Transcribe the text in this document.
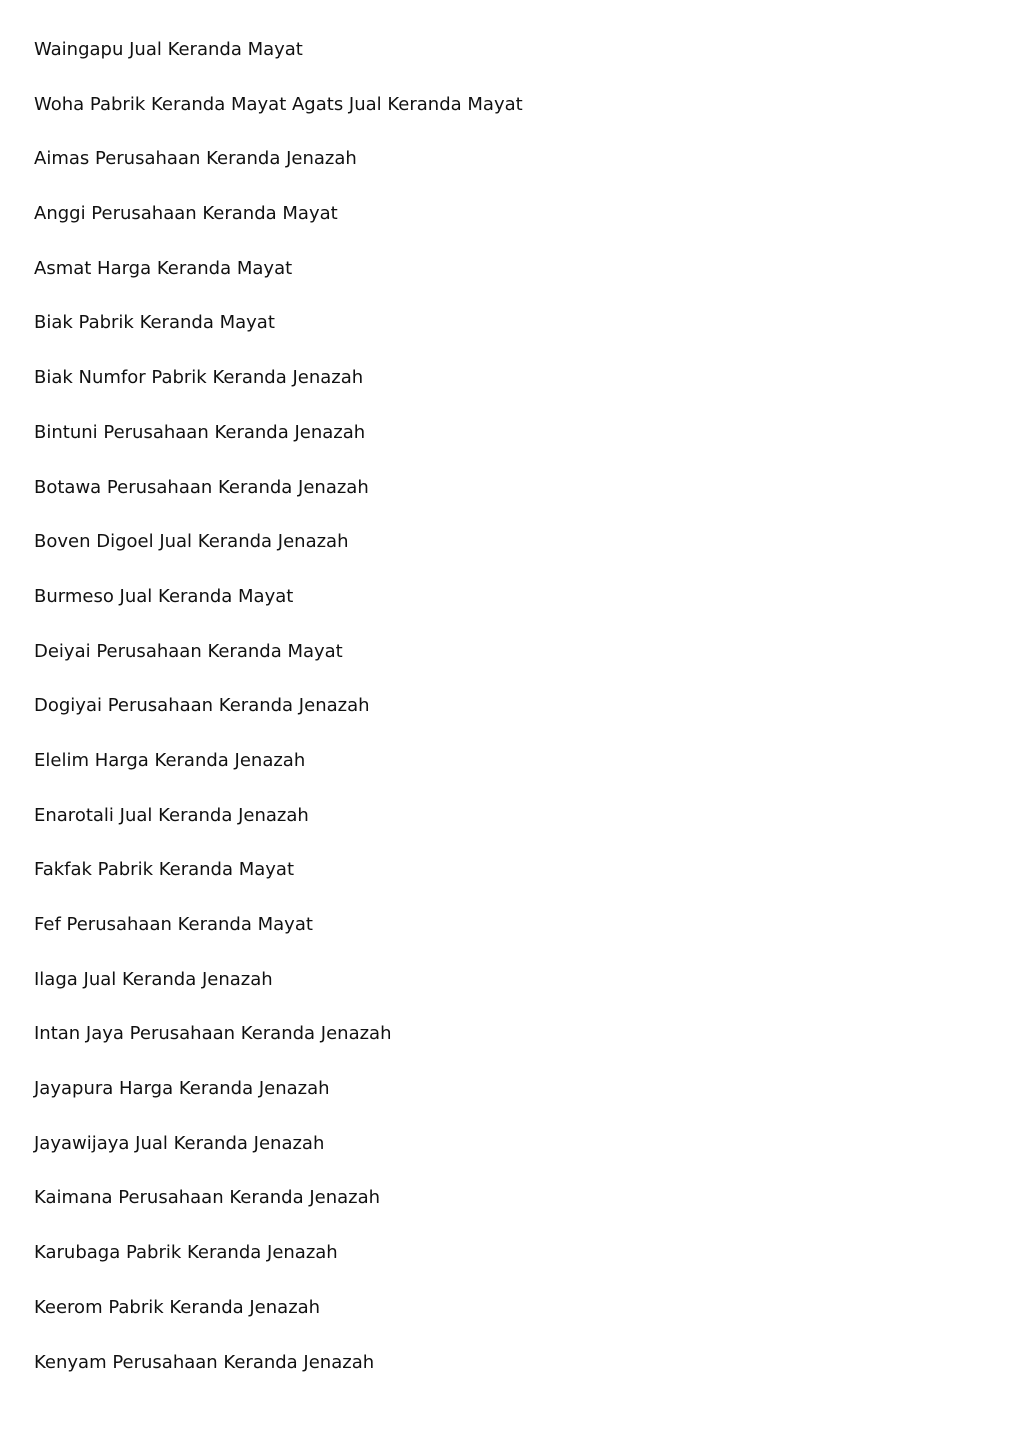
Waingapu Jual Keranda Mayat
Woha Pabrik Keranda Mayat Agats Jual Keranda Mayat
Aimas Perusahaan Keranda Jenazah
Anggi Perusahaan Keranda Mayat
Asmat Harga Keranda Mayat
Biak Pabrik Keranda Mayat
Biak Numfor Pabrik Keranda Jenazah
Bintuni Perusahaan Keranda Jenazah
Botawa Perusahaan Keranda Jenazah
Boven Digoel Jual Keranda Jenazah
Burmeso Jual Keranda Mayat
Deiyai Perusahaan Keranda Mayat
Dogiyai Perusahaan Keranda Jenazah
Elelim Harga Keranda Jenazah
Enarotali Jual Keranda Jenazah
Fakfak Pabrik Keranda Mayat
Fef Perusahaan Keranda Mayat
Ilaga Jual Keranda Jenazah
Intan Jaya Perusahaan Keranda Jenazah
Jayapura Harga Keranda Jenazah
Jayawijaya Jual Keranda Jenazah
Kaimana Perusahaan Keranda Jenazah
Karubaga Pabrik Keranda Jenazah
Keerom Pabrik Keranda Jenazah
Kenyam Perusahaan Keranda Jenazah
